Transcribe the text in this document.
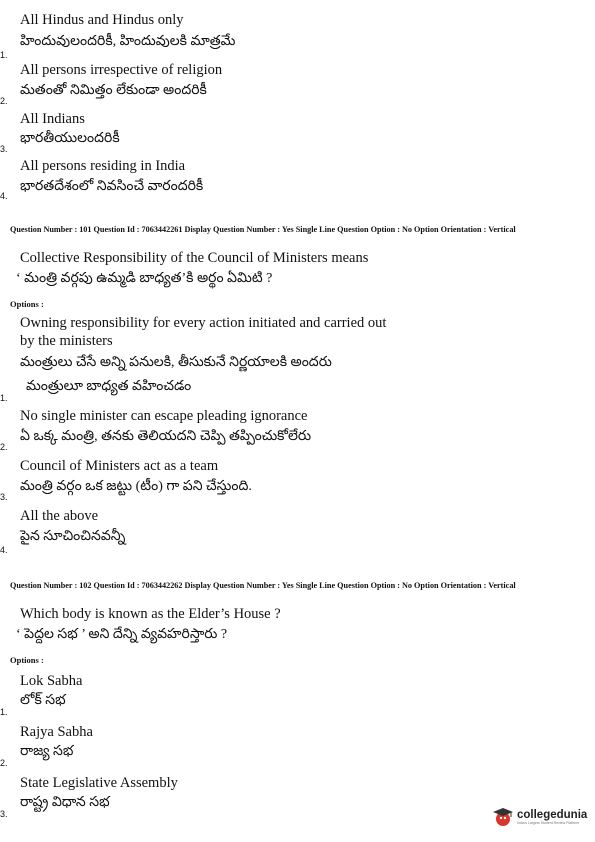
All Hindus and Hindus only
హిందువులందరికీ, హిందువులకి మాత్రమే
1.
All persons irrespective of religion
మతంతో నిమిత్తం లేకుండా అందరికీ
2.
All Indians
భారతీయులందరికీ
3.
All persons residing in India
భారతదేశంలో నివసించే వారందరికీ
4.
Question Number : 101 Question Id : 7063442261 Display Question Number : Yes Single Line Question Option : No Option Orientation : Vertical
Collective Responsibility of the Council of Ministers means
‘ మంత్రి వర్గపు ఉమ్మడి బాధ్యత’కి అర్థం ఏమిటి ?
Options :
Owning responsibility for every action initiated and carried out
by the ministers
మంత్రులు చేసే అన్ని పనులకి, తీసుకునే నిర్ణయాలకి అందరు
మంత్రులూ బాధ్యత వహించడం
1.
No single minister can escape pleading ignorance
ఏ ఒక్క మంత్రి, తనకు తెలియదని చెప్పి తప్పించుకోలేరు
2.
Council of Ministers act as a team
మంత్రి వర్గం ఒక జట్టు (టీం) గా పని చేస్తుంది.
3.
All the above
పైన సూచించినవన్నీ
4.
Question Number : 102 Question Id : 7063442262 Display Question Number : Yes Single Line Question Option : No Option Orientation : Vertical
Which body is known as the Elder’s House ?
‘ పెద్దల సభ ’ అని దేన్ని వ్యవహరిస్తారు ?
Options :
Lok Sabha
లోక్ సభ
1.
Rajya Sabha
రాజ్య సభ
2.
State Legislative Assembly
రాష్ట్ర విధాన సభ
3.	collegedunia
India's Largest Student Review Platform
